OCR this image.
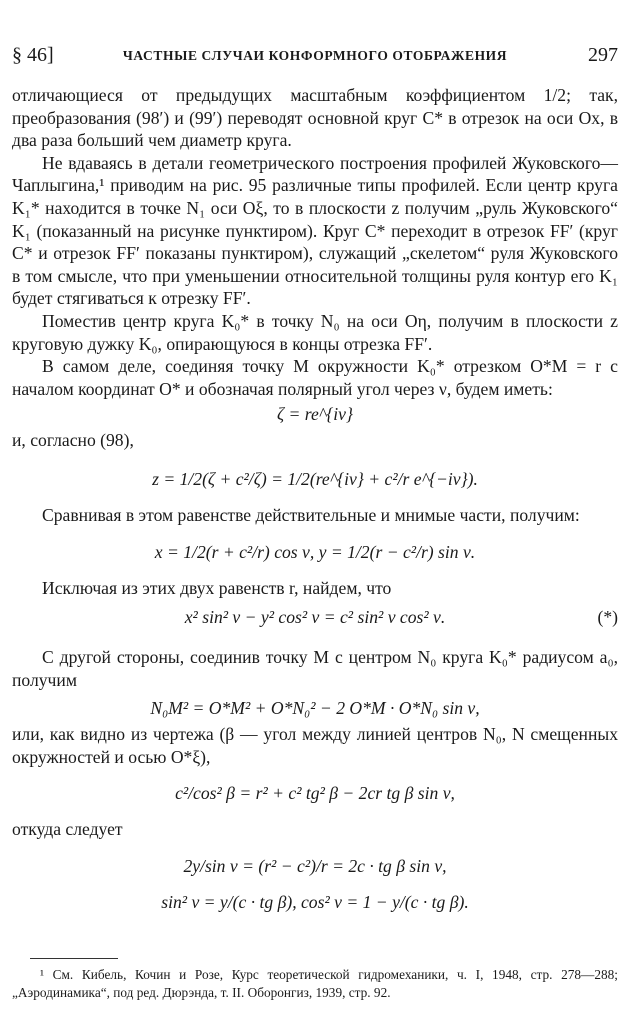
§ 46]	ЧАСТНЫЕ СЛУЧАИ КОНФОРМНОГО ОТОБРАЖЕНИЯ	297

отличающиеся от предыдущих масштабным коэффициентом 1/2; так, преобразования (98′) и (99′) переводят основной круг C* в отрезок на оси Ox, в два раза больший чем диаметр круга.

Не вдаваясь в детали геометрического построения профилей Жуковского—Чаплыгина,¹ приводим на рис. 95 различные типы профилей. Если центр круга K₁* находится в точке N₁ оси Oξ, то в плоскости z получим „руль Жуковского“ K₁ (показанный на рисунке пунктиром). Круг C* переходит в отрезок FF′ (круг C* и отрезок FF′ показаны пунктиром), служащий „скелетом“ руля Жуковского в том смысле, что при уменьшении относительной толщины руля контур его K₁ будет стягиваться к отрезку FF′.

Поместив центр круга K₀* в точку N₀ на оси Oη, получим в плоскости z круговую дужку K₀, опирающуюся в концы отрезка FF′.

В самом деле, соединяя точку M окружности K₀* отрезком O*M = r с началом координат O* и обозначая полярный угол через ν, будем иметь:

ζ = re^{iν}

и, согласно (98),

z = 1/2(ζ + c²/ζ) = 1/2(re^{iν} + c²/r e^{−iν}).

Сравнивая в этом равенстве действительные и мнимые части, получим:

x = 1/2(r + c²/r) cos ν, y = 1/2(r − c²/r) sin ν.

Исключая из этих двух равенств r, найдем, что

x² sin² ν − y² cos² ν = c² sin² ν cos² ν.	(*)

С другой стороны, соединив точку M с центром N₀ круга K₀* радиусом a₀, получим

N₀M² = O*M² + O*N₀² − 2 O*M · O*N₀ sin ν,

или, как видно из чертежа (β — угол между линией центров N₀, N смещенных окружностей и осью O*ξ),

c²/cos² β = r² + c² tg² β − 2cr tg β sin ν,

откуда следует

2y/sin ν = (r² − c²)/r = 2c · tg β sin ν,
sin² ν = y/(c · tg β), cos² ν = 1 − y/(c · tg β).
¹ См. Кибель, Кочин и Розе, Курс теоретической гидромеханики, ч. I, 1948, стр. 278—288; „Аэродинамика“, под ред. Дюрэнда, т. II. Оборонгиз, 1939, стр. 92.
